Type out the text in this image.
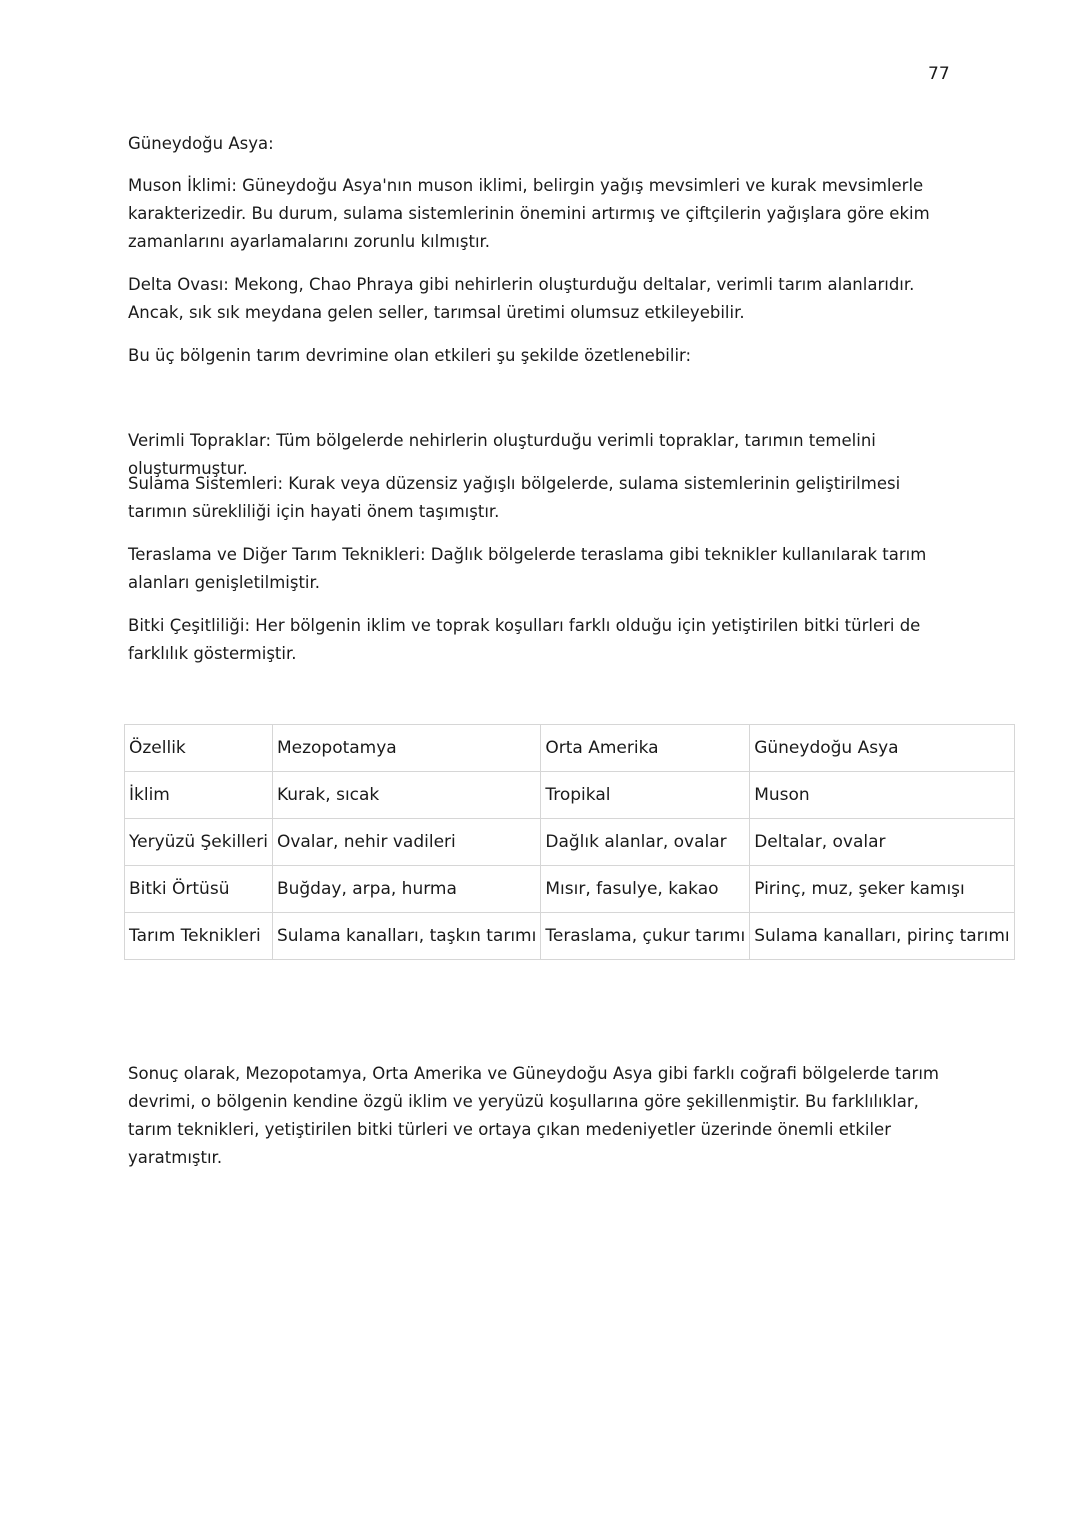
77

Güneydoğu Asya:

Muson İklimi: Güneydoğu Asya'nın muson iklimi, belirgin yağış mevsimleri ve kurak mevsimlerle karakterizedir. Bu durum, sulama sistemlerinin önemini artırmış ve çiftçilerin yağışlara göre ekim zamanlarını ayarlamalarını zorunlu kılmıştır.

Delta Ovası: Mekong, Chao Phraya gibi nehirlerin oluşturduğu deltalar, verimli tarım alanlarıdır. Ancak, sık sık meydana gelen seller, tarımsal üretimi olumsuz etkileyebilir.

Bu üç bölgenin tarım devrimine olan etkileri şu şekilde özetlenebilir:

Verimli Topraklar: Tüm bölgelerde nehirlerin oluşturduğu verimli topraklar, tarımın temelini oluşturmuştur.

Sulama Sistemleri: Kurak veya düzensiz yağışlı bölgelerde, sulama sistemlerinin geliştirilmesi tarımın sürekliliği için hayati önem taşımıştır.

Teraslama ve Diğer Tarım Teknikleri: Dağlık bölgelerde teraslama gibi teknikler kullanılarak tarım alanları genişletilmiştir.

Bitki Çeşitliliği: Her bölgenin iklim ve toprak koşulları farklı olduğu için yetiştirilen bitki türleri de farklılık göstermiştir.

Özellik	Mezopotamya	Orta Amerika	Güneydoğu Asya
İklim	Kurak, sıcak	Tropikal	Muson
Yeryüzü Şekilleri	Ovalar, nehir vadileri	Dağlık alanlar, ovalar	Deltalar, ovalar
Bitki Örtüsü	Buğday, arpa, hurma	Mısır, fasulye, kakao	Pirinç, muz, şeker kamışı
Tarım Teknikleri	Sulama kanalları, taşkın tarımı	Teraslama, çukur tarımı	Sulama kanalları, pirinç tarımı

Sonuç olarak, Mezopotamya, Orta Amerika ve Güneydoğu Asya gibi farklı coğrafi bölgelerde tarım devrimi, o bölgenin kendine özgü iklim ve yeryüzü koşullarına göre şekillenmiştir. Bu farklılıklar, tarım teknikleri, yetiştirilen bitki türleri ve ortaya çıkan medeniyetler üzerinde önemli etkiler yaratmıştır.
